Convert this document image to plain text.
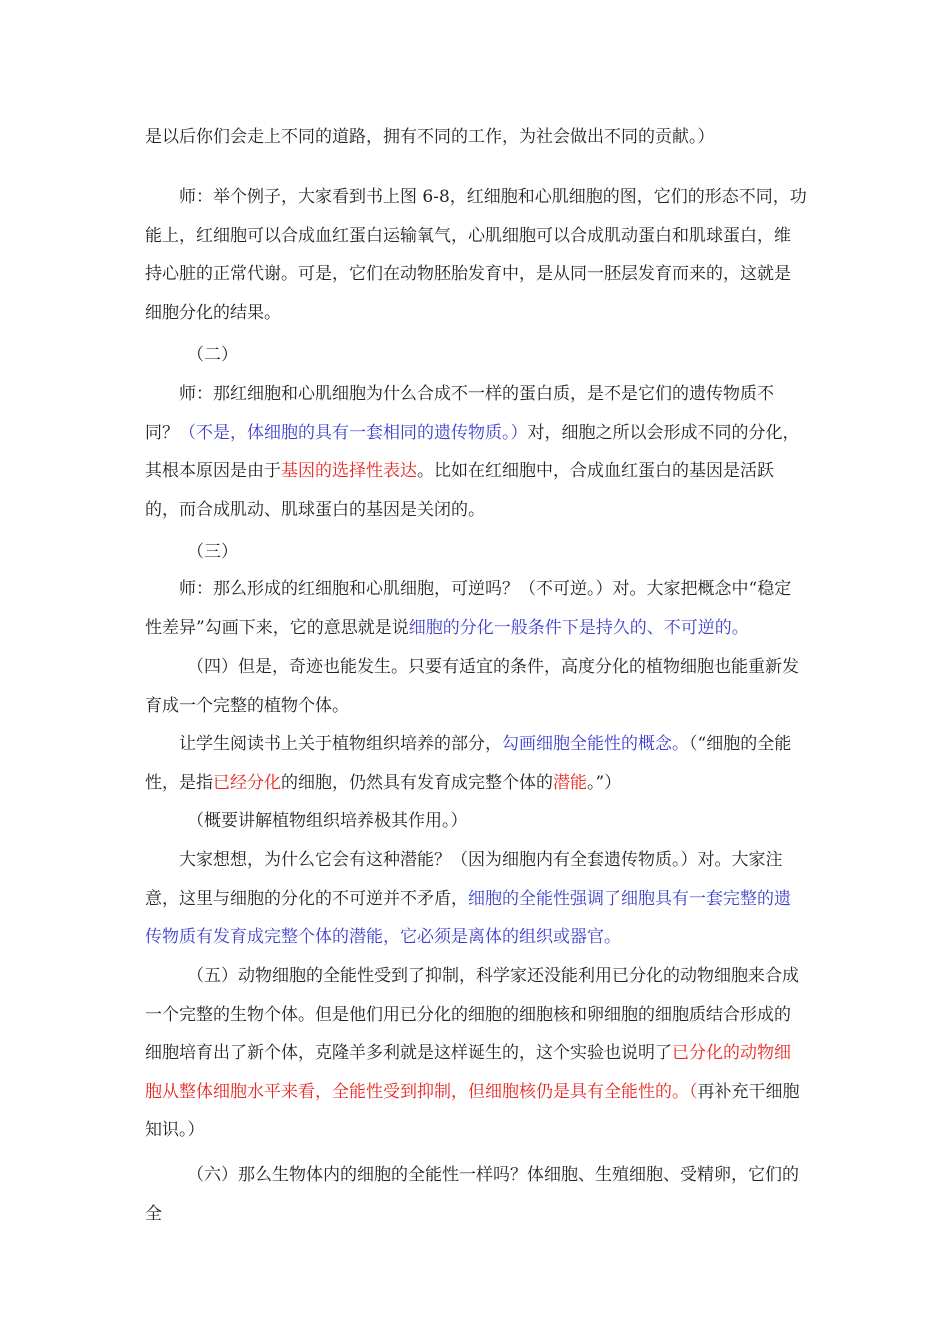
是以后你们会走上不同的道路，拥有不同的工作，为社会做出不同的贡献。）

师：举个例子，大家看到书上图 6-8，红细胞和心肌细胞的图，它们的形态不同，功能上，红细胞可以合成血红蛋白运输氧气，心肌细胞可以合成肌动蛋白和肌球蛋白，维持心脏的正常代谢。可是，它们在动物胚胎发育中，是从同一胚层发育而来的，这就是细胞分化的结果。

（二）

师：那红细胞和心肌细胞为什么合成不一样的蛋白质，是不是它们的遗传物质不同？（不是，体细胞的具有一套相同的遗传物质。）对，细胞之所以会形成不同的分化，其根本原因是由于基因的选择性表达。比如在红细胞中，合成血红蛋白的基因是活跃的，而合成肌动、肌球蛋白的基因是关闭的。

（三）

师：那么形成的红细胞和心肌细胞，可逆吗？（不可逆。）对。大家把概念中“稳定性差异”勾画下来，它的意思就是说细胞的分化一般条件下是持久的、不可逆的。

（四）但是，奇迹也能发生。只要有适宜的条件，高度分化的植物细胞也能重新发育成一个完整的植物个体。

让学生阅读书上关于植物组织培养的部分，勾画细胞全能性的概念。（“细胞的全能性，是指已经分化的细胞，仍然具有发育成完整个体的潜能。”）

（概要讲解植物组织培养极其作用。）

大家想想，为什么它会有这种潜能？（因为细胞内有全套遗传物质。）对。大家注意，这里与细胞的分化的不可逆并不矛盾，细胞的全能性强调了细胞具有一套完整的遗传物质有发育成完整个体的潜能，它必须是离体的组织或器官。

（五）动物细胞的全能性受到了抑制，科学家还没能利用已分化的动物细胞来合成一个完整的生物个体。但是他们用已分化的细胞的细胞核和卵细胞的细胞质结合形成的细胞培育出了新个体，克隆羊多利就是这样诞生的，这个实验也说明了已分化的动物细胞从整体细胞水平来看，全能性受到抑制，但细胞核仍是具有全能性的。（再补充干细胞知识。）

（六）那么生物体内的细胞的全能性一样吗？体细胞、生殖细胞、受精卵，它们的全
